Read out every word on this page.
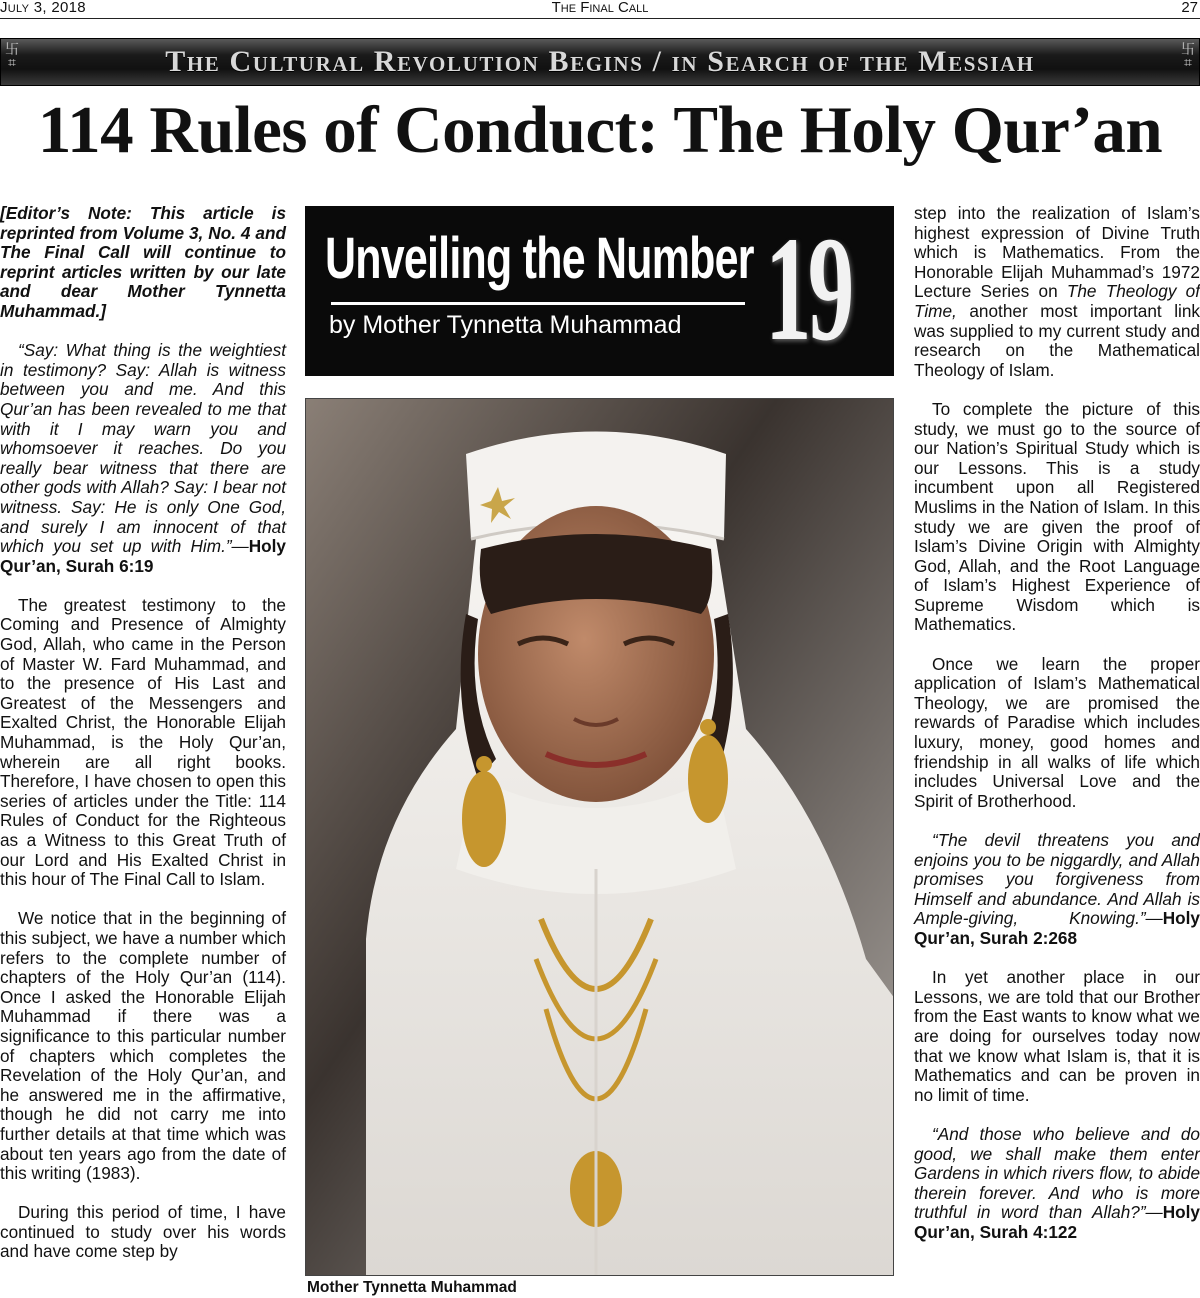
July 3, 2018	The Final Call	27
卐
⌗	The Cultural Revolution Begins / in Search of the Messiah	卐
⌗
114 Rules of Conduct: The Holy Qur’an

[Editor’s Note: This article is reprinted from Volume 3, No. 4 and The Final Call will continue to reprint articles written by our late and dear Mother Tynnetta Muhammad.]

“Say: What thing is the weightiest in testimony? Say: Allah is witness between you and me. And this Qur’an has been revealed to me that with it I may warn you and whomsoever it reaches. Do you really bear witness that there are other gods with Allah? Say: I bear not witness. Say: He is only One God, and surely I am innocent of that which you set up with Him.”—Holy Qur’an, Surah 6:19

The greatest testimony to the Coming and Presence of Almighty God, Allah, who came in the Person of Master W. Fard Muhammad, and to the presence of His Last and Greatest of the Messengers and Exalted Christ, the Honorable Elijah Muhammad, is the Holy Qur’an, wherein are all right books. Therefore, I have chosen to open this series of articles under the Title: 114 Rules of Conduct for the Righteous as a Witness to this Great Truth of our Lord and His Exalted Christ in this hour of The Final Call to Islam.

We notice that in the beginning of this subject, we have a number which refers to the complete number of chapters of the Holy Qur’an (114). Once I asked the Honorable Elijah Muhammad if there was a significance to this particular number of chapters which completes the Revelation of the Holy Qur’an, and he answered me in the affirmative, though he did not carry me into further details at that time which was about ten years ago from the date of this writing (1983).

During this period of time, I have continued to study over his words and have come step by

Unveiling the Number
by Mother Tynnetta Muhammad 19
Mother Tynnetta Muhammad

step into the realization of Islam’s highest expression of Divine Truth which is Mathematics. From the Honorable Elijah Muhammad’s 1972 Lecture Series on The Theology of Time, another most important link was supplied to my current study and research on the Mathematical Theology of Islam.

To complete the picture of this study, we must go to the source of our Nation’s Spiritual Study which is our Lessons. This is a study incumbent upon all Registered Muslims in the Nation of Islam. In this study we are given the proof of Islam’s Divine Origin with Almighty God, Allah, and the Root Language of Islam’s Highest Experience of Supreme Wisdom which is Mathematics.

Once we learn the proper application of Islam’s Mathematical Theology, we are promised the rewards of Paradise which includes luxury, money, good homes and friendship in all walks of life which includes Universal Love and the Spirit of Brotherhood.

“The devil threatens you and enjoins you to be niggardly, and Allah promises you forgiveness from Himself and abundance. And Allah is Ample-giving, Knowing.”—Holy Qur’an, Surah 2:268

In yet another place in our Lessons, we are told that our Brother from the East wants to know what we are doing for ourselves today now that we know what Islam is, that it is Mathematics and can be proven in no limit of time.

“And those who believe and do good, we shall make them enter Gardens in which rivers flow, to abide therein forever. And who is more truthful in word than Allah?”—Holy Qur’an, Surah 4:122
